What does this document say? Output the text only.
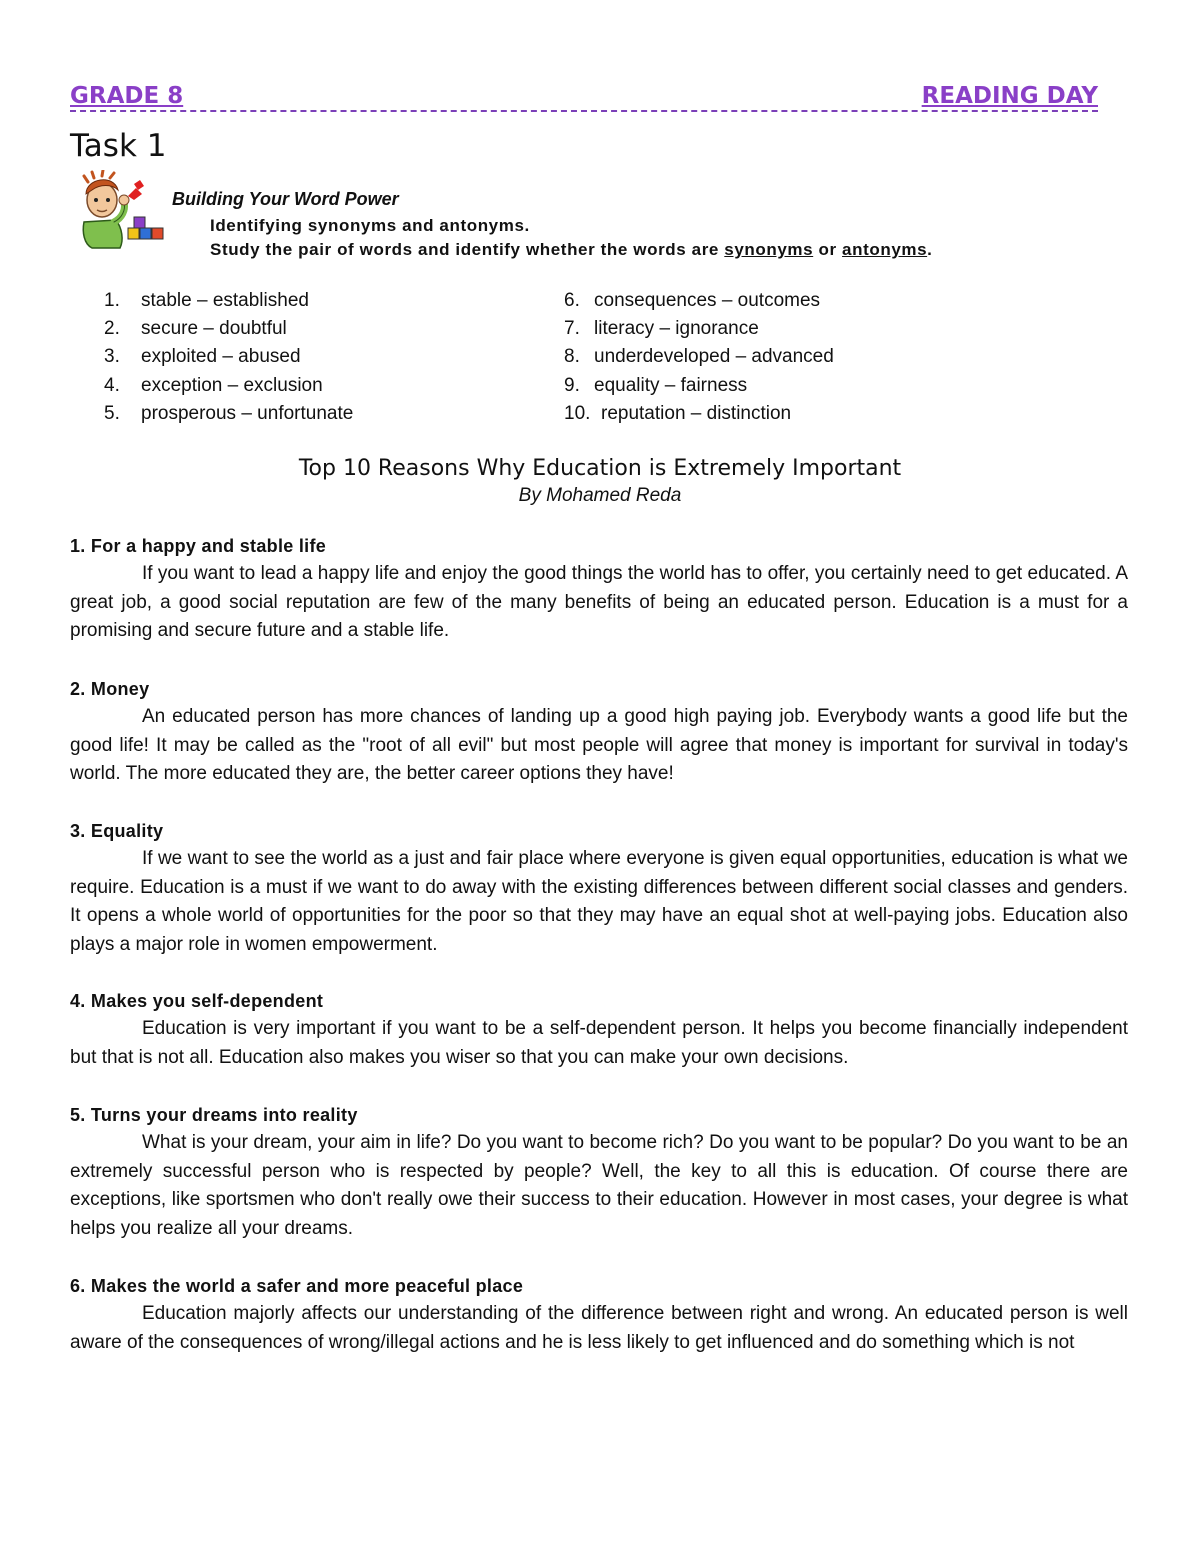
GRADE 8	READING DAY
Task 1
Building Your Word Power
Identifying synonyms and antonyms.
Study the pair of words and identify whether the words are synonyms or antonyms.
1. stable – established
2. secure – doubtful
3. exploited – abused
4. exception – exclusion
5. prosperous – unfortunate
6. consequences – outcomes
7. literacy – ignorance
8. underdeveloped – advanced
9. equality – fairness
10. reputation – distinction
Top 10 Reasons Why Education is Extremely Important
By Mohamed Reda
1. For a happy and stable life

If you want to lead a happy life and enjoy the good things the world has to offer, you certainly need to get educated. A great job, a good social reputation are few of the many benefits of being an educated person. Education is a must for a promising and secure future and a stable life.

2. Money

An educated person has more chances of landing up a good high paying job. Everybody wants a good life but the good life! It may be called as the "root of all evil" but most people will agree that money is important for survival in today's world. The more educated they are, the better career options they have!

3. Equality

If we want to see the world as a just and fair place where everyone is given equal opportunities, education is what we require. Education is a must if we want to do away with the existing differences between different social classes and genders. It opens a whole world of opportunities for the poor so that they may have an equal shot at well-paying jobs. Education also plays a major role in women empowerment.

4. Makes you self-dependent

Education is very important if you want to be a self-dependent person. It helps you become financially independent but that is not all. Education also makes you wiser so that you can make your own decisions.

5. Turns your dreams into reality

What is your dream, your aim in life? Do you want to become rich? Do you want to be popular? Do you want to be an extremely successful person who is respected by people? Well, the key to all this is education. Of course there are exceptions, like sportsmen who don't really owe their success to their education. However in most cases, your degree is what helps you realize all your dreams.

6. Makes the world a safer and more peaceful place

Education majorly affects our understanding of the difference between right and wrong. An educated person is well aware of the consequences of wrong/illegal actions and he is less likely to get influenced and do something which is not
